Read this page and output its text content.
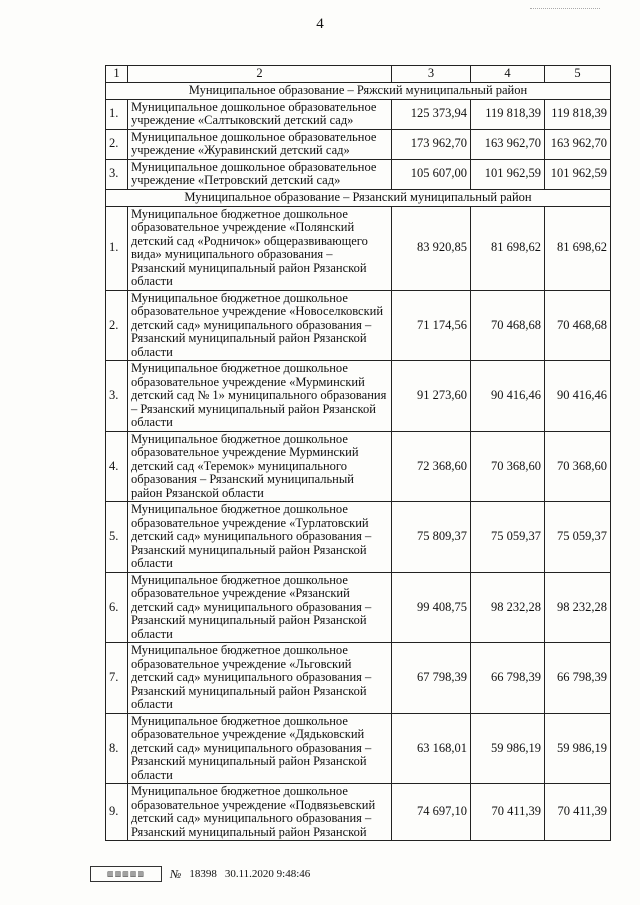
4
1	2	3	4	5
Муниципальное образование – Ряжский муниципальный район				
1.	Муниципальное дошкольное образовательное учреждение «Салтыковский детский сад»	125 373,94	119 818,39	119 818,39
2.	Муниципальное дошкольное образовательное учреждение «Журавинский детский сад»	173 962,70	163 962,70	163 962,70
3.	Муниципальное дошкольное образовательное учреждение «Петровский детский сад»	105 607,00	101 962,59	101 962,59
Муниципальное образование – Рязанский муниципальный район				
1.	Муниципальное бюджетное дошкольное образовательное учреждение «Полянский детский сад «Родничок» общеразвивающего вида» муниципального образования – Рязанский муниципальный район Рязанской области	83 920,85	81 698,62	81 698,62
2.	Муниципальное бюджетное дошкольное образовательное учреждение «Новоселковский детский сад» муниципального образования – Рязанский муниципальный район Рязанской области	71 174,56	70 468,68	70 468,68
3.	Муниципальное бюджетное дошкольное образовательное учреждение «Мурминский детский сад № 1» муниципального образования – Рязанский муниципальный район Рязанской области	91 273,60	90 416,46	90 416,46
4.	Муниципальное бюджетное дошкольное образовательное учреждение Мурминский детский сад «Теремок» муниципального образования – Рязанский муниципальный район Рязанской области	72 368,60	70 368,60	70 368,60
5.	Муниципальное бюджетное дошкольное образовательное учреждение «Турлатовский детский сад» муниципального образования – Рязанский муниципальный район Рязанской области	75 809,37	75 059,37	75 059,37
6.	Муниципальное бюджетное дошкольное образовательное учреждение «Рязанский детский сад» муниципального образования – Рязанский муниципальный район Рязанской области	99 408,75	98 232,28	98 232,28
7.	Муниципальное бюджетное дошкольное образовательное учреждение «Льговский детский сад» муниципального образования – Рязанский муниципальный район Рязанской области	67 798,39	66 798,39	66 798,39
8.	Муниципальное бюджетное дошкольное образовательное учреждение «Дядьковский детский сад» муниципального образования – Рязанский муниципальный район Рязанской области	63 168,01	59 986,19	59 986,19
9.	Муниципальное бюджетное дошкольное образовательное учреждение «Подвязьевский детский сад» муниципального образования – Рязанский муниципальный район Рязанской	74 697,10	70 411,39	70 411,39
▥▥▥▥▥	№ 18398 30.11.2020 9:48:46
